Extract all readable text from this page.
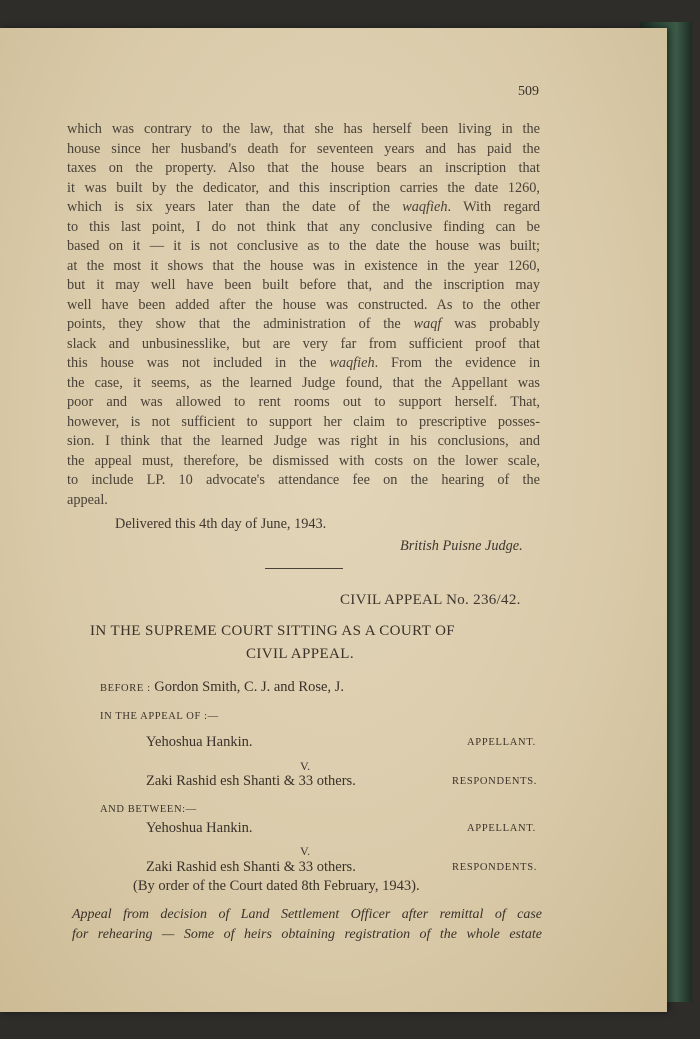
509
which was contrary to the law, that she has herself been living in the
house since her husband's death for seventeen years and has paid the
taxes on the property. Also that the house bears an inscription that
it was built by the dedicator, and this inscription carries the date 1260,
which is six years later than the date of the waqfieh. With regard
to this last point, I do not think that any conclusive finding can be
based on it — it is not conclusive as to the date the house was built;
at the most it shows that the house was in existence in the year 1260,
but it may well have been built before that, and the inscription may
well have been added after the house was constructed. As to the other
points, they show that the administration of the waqf was probably
slack and unbusinesslike, but are very far from sufficient proof that
this house was not included in the waqfieh. From the evidence in
the case, it seems, as the learned Judge found, that the Appellant was
poor and was allowed to rent rooms out to support herself. That,
however, is not sufficient to support her claim to prescriptive posses-
sion. I think that the learned Judge was right in his conclusions, and
the appeal must, therefore, be dismissed with costs on the lower scale,
to include LP. 10 advocate's attendance fee on the hearing of the
appeal.
Delivered this 4th day of June, 1943.
British Puisne Judge.
CIVIL APPEAL No. 236/42.
IN THE SUPREME COURT SITTING AS A COURT OF
CIVIL APPEAL.
BEFORE : Gordon Smith, C. J. and Rose, J.
IN THE APPEAL OF :—
Yehoshua Hankin.	APPELLANT.
V.
Zaki Rashid esh Shanti & 33 others.	RESPONDENTS.
AND BETWEEN:—
Yehoshua Hankin.	APPELLANT.
V.
Zaki Rashid esh Shanti & 33 others.	RESPONDENTS.
(By order of the Court dated 8th February, 1943).
Appeal from decision of Land Settlement Officer after remittal of case
for rehearing — Some of heirs obtaining registration of the whole estate
